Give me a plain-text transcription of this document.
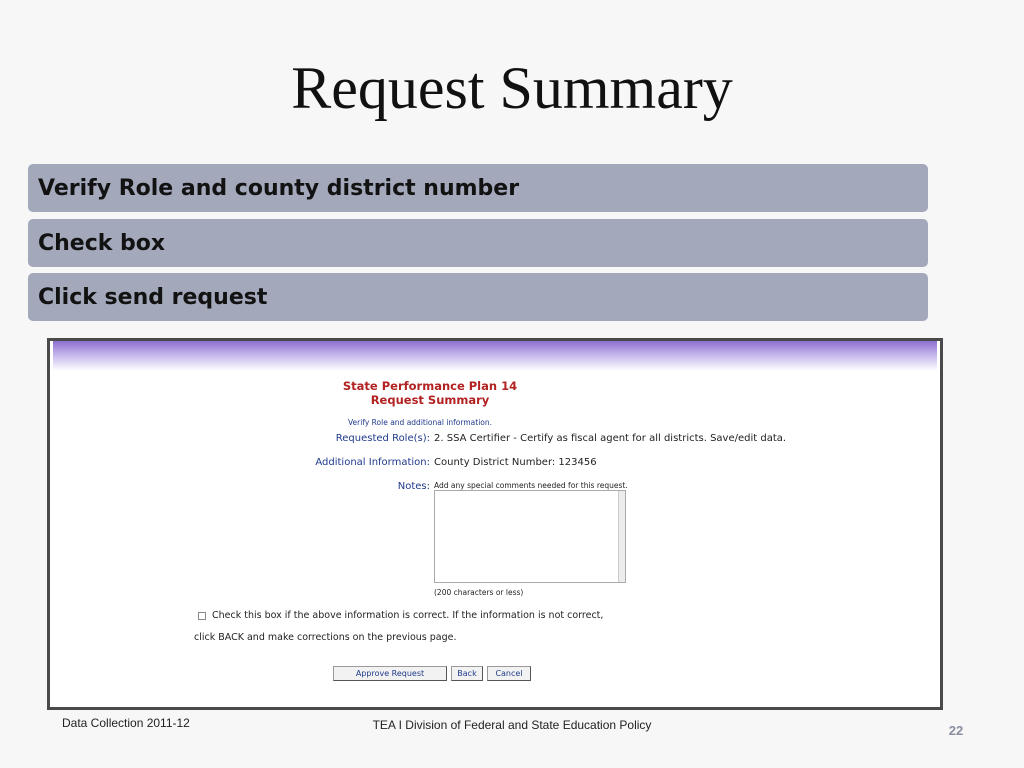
Request Summary
Verify Role and county district number
Check box
Click send request
State Performance Plan 14
Request Summary
Verify Role and additional information.
Requested Role(s): 2. SSA Certifier - Certify as fiscal agent for all districts. Save/edit data.
Additional Information: County District Number: 123456
Notes: Add any special comments needed for this request.
(200 characters or less)
Check this box if the above information is correct. If the information is not correct,
click BACK and make corrections on the previous page.
Approve Request	Back	Cancel
Data Collection 2011-12	TEA I Division of Federal and State Education Policy	22
